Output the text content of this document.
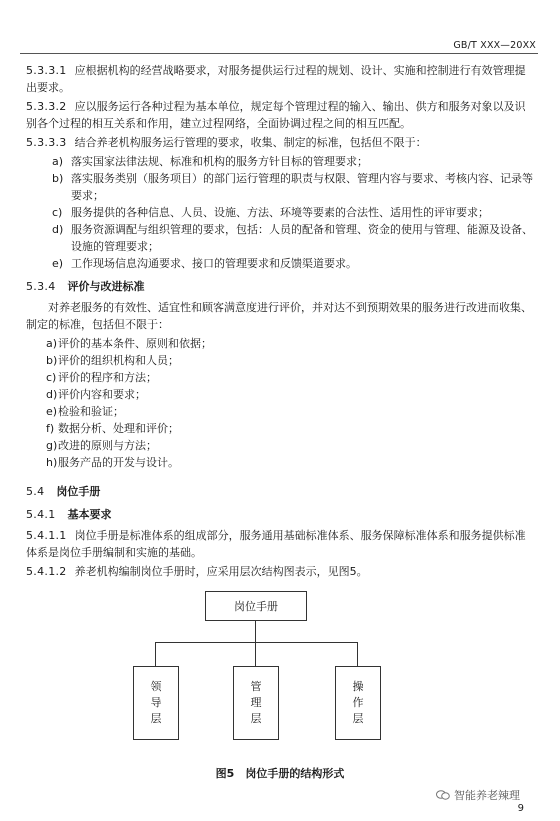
GB/T XXX—20XX

5.3.3.1 应根据机构的经营战略要求，对服务提供运行过程的规划、设计、实施和控制进行有效管理提出要求。

5.3.3.2 应以服务运行各种过程为基本单位，规定每个管理过程的输入、输出、供方和服务对象以及识别各个过程的相互关系和作用，建立过程网络，全面协调过程之间的相互匹配。

5.3.3.3 结合养老机构服务运行管理的要求，收集、制定的标准，包括但不限于：

a) 落实国家法律法规、标准和机构的服务方针目标的管理要求；

b) 落实服务类别（服务项目）的部门运行管理的职责与权限、管理内容与要求、考核内容、记录等要求；

c) 服务提供的各种信息、人员、设施、方法、环境等要素的合法性、适用性的评审要求；

d) 服务资源调配与组织管理的要求，包括：人员的配备和管理、资金的使用与管理、能源及设备、设施的管理要求；

e) 工作现场信息沟通要求、接口的管理要求和反馈渠道要求。

5.3.4 评价与改进标准

对养老服务的有效性、适宜性和顾客满意度进行评价，并对达不到预期效果的服务进行改进而收集、制定的标准，包括但不限于：

a) 评价的基本条件、原则和依据；

b) 评价的组织机构和人员；

c) 评价的程序和方法；

d) 评价内容和要求；

e) 检验和验证；

f) 数据分析、处理和评价；

g) 改进的原则与方法；

h) 服务产品的开发与设计。

5.4 岗位手册

5.4.1 基本要求

5.4.1.1 岗位手册是标准体系的组成部分，服务通用基础标准体系、服务保障标准体系和服务提供标准体系是岗位手册编制和实施的基础。

5.4.1.2 养老机构编制岗位手册时，应采用层次结构图表示，见图5。

岗位手册
领
导
层
管
理
层
操
作
层
图5　岗位手册的结构形式
智能养老辣理
9
